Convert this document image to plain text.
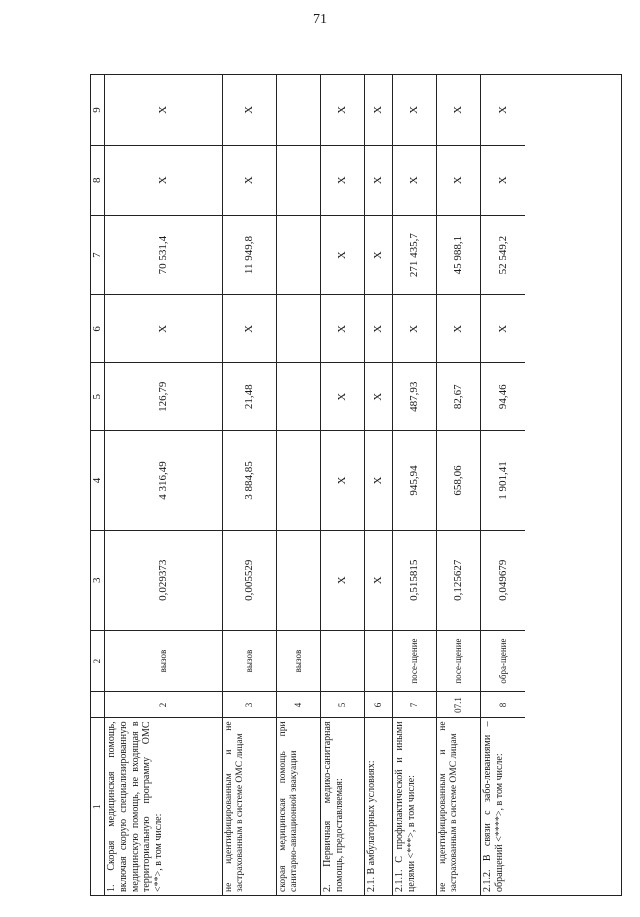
71
1
2
3
4
5
6
7
8
9
1. Скорая медицинская помощь, включая скорую специализированную медицинскую помощь, не входящая в территориальную программу ОМС <**>, в том числе:
2
вызов
0,029373
4 316,49
126,79
Х
70 531,4
Х
Х
не идентифицированным и не застрахованным в системе ОМС лицам
3
вызов
0,005529
3 884,85
21,48
Х
11 949,8
Х
Х
скорая медицинская помощь при санитарно-авиационной эвакуации
4
вызов
2. Первичная медико-санитарная помощь, предоставляемая:
5
Х
Х
Х
Х
Х
Х
Х
2.1. В амбулаторных условиях:
6
Х
Х
Х
Х
Х
Х
Х
2.1.1. С профилактической и иными целями <***>, в том числе:
7
посе-щение
0,515815
945,94
487,93
Х
271 435,7
Х
Х
не идентифицированным и не застрахованным в системе ОМС лицам
07.1
посе-щение
0,125627
658,06
82,67
Х
45 988,1
Х
Х
2.1.2. В связи с забо-леваниями – обращений <****>, в том числе:
8
обра-щение
0,049679
1 901,41
94,46
Х
52 549,2
Х
Х
